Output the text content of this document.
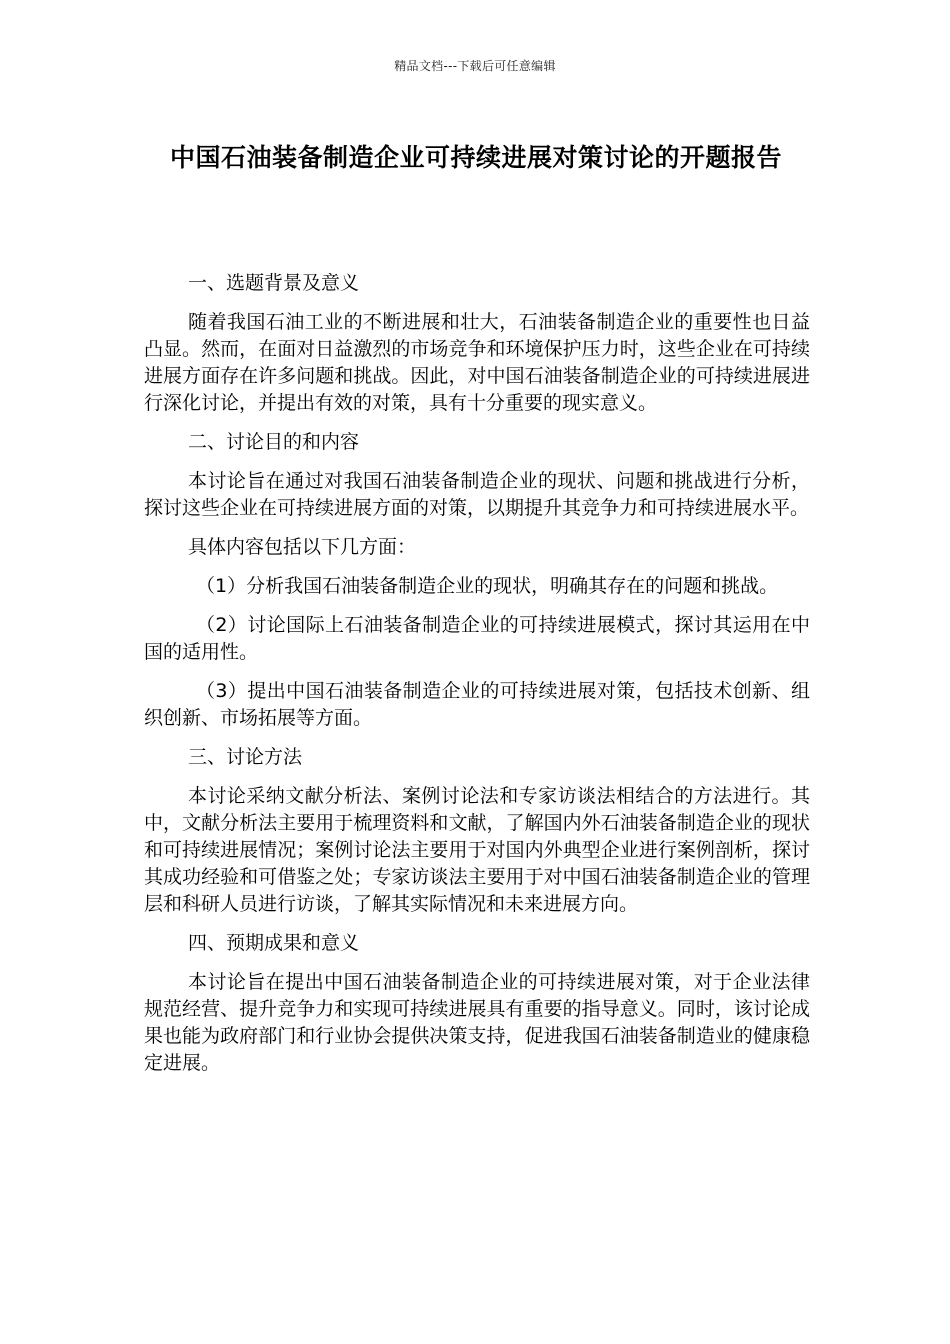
精品文档---下载后可任意编辑
中国石油装备制造企业可持续进展对策讨论的开题报告

一、选题背景及意义

随着我国石油工业的不断进展和壮大，石油装备制造企业的重要性也日益凸显。然而，在面对日益激烈的市场竞争和环境保护压力时，这些企业在可持续进展方面存在许多问题和挑战。因此，对中国石油装备制造企业的可持续进展进行深化讨论，并提出有效的对策，具有十分重要的现实意义。

二、讨论目的和内容

本讨论旨在通过对我国石油装备制造企业的现状、问题和挑战进行分析，探讨这些企业在可持续进展方面的对策，以期提升其竞争力和可持续进展水平。

具体内容包括以下几方面：

（1）分析我国石油装备制造企业的现状，明确其存在的问题和挑战。

（2）讨论国际上石油装备制造企业的可持续进展模式，探讨其运用在中国的适用性。

（3）提出中国石油装备制造企业的可持续进展对策，包括技术创新、组织创新、市场拓展等方面。

三、讨论方法

本讨论采纳文献分析法、案例讨论法和专家访谈法相结合的方法进行。其中，文献分析法主要用于梳理资料和文献，了解国内外石油装备制造企业的现状和可持续进展情况；案例讨论法主要用于对国内外典型企业进行案例剖析，探讨其成功经验和可借鉴之处；专家访谈法主要用于对中国石油装备制造企业的管理层和科研人员进行访谈，了解其实际情况和未来进展方向。

四、预期成果和意义

本讨论旨在提出中国石油装备制造企业的可持续进展对策，对于企业法律规范经营、提升竞争力和实现可持续进展具有重要的指导意义。同时，该讨论成果也能为政府部门和行业协会提供决策支持，促进我国石油装备制造业的健康稳定进展。
